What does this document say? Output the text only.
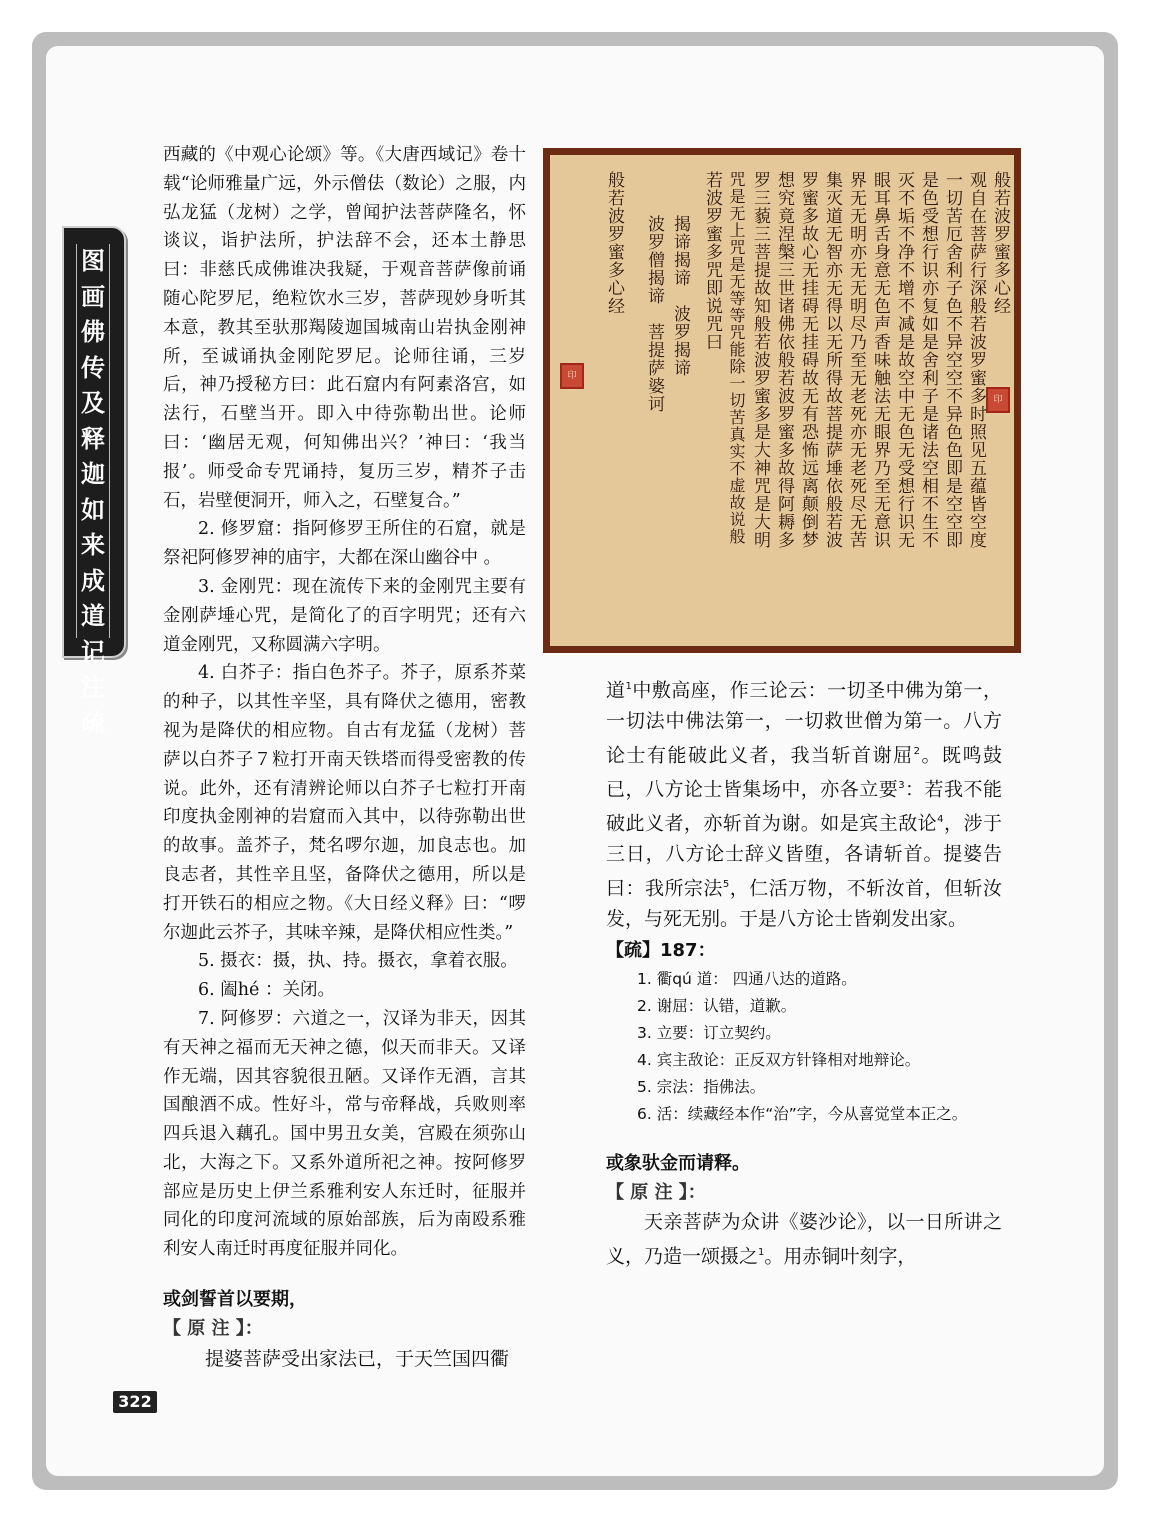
图
画
佛
传
及
释
迦
如
来
成
道
记
注
疏

西藏的《中观心论颂》等。《大唐西域记》卷十载“论师雅量广远，外示僧佉（数论）之服，内弘龙猛（龙树）之学，曾闻护法菩萨隆名，怀谈议，诣护法所，护法辞不会，还本土静思曰：非慈氏成佛谁决我疑，于观音菩萨像前诵随心陀罗尼，绝粒饮水三岁，菩萨现妙身听其本意，教其至驮那羯陵迦国城南山岩执金刚神所，至诚诵执金刚陀罗尼。论师往诵，三岁后，神乃授秘方曰：此石窟内有阿素洛宫，如法行，石壁当开。即入中待弥勒出世。论师曰：‘幽居无观，何知佛出兴？’神曰：‘我当报’。师受命专咒诵持，复历三岁，精芥子击石，岩壁便洞开，师入之，石壁复合。”

2. 修罗窟：指阿修罗王所住的石窟，就是祭祀阿修罗神的庙宇，大都在深山幽谷中 。

3. 金刚咒：现在流传下来的金刚咒主要有金刚萨埵心咒，是简化了的百字明咒；还有六道金刚咒，又称圆满六字明。

4. 白芥子：指白色芥子。芥子，原系芥菜的种子，以其性辛坚，具有降伏之德用，密教视为是降伏的相应物。自古有龙猛（龙树）菩萨以白芥子７粒打开南天铁塔而得受密教的传说。此外，还有清辨论师以白芥子七粒打开南印度执金刚神的岩窟而入其中，以待弥勒出世的故事。盖芥子，梵名啰尔迦，加良志也。加良志者，其性辛且坚，备降伏之德用，所以是打开铁石的相应之物。《大日经义释》曰：“啰尔迦此云芥子，其味辛辣，是降伏相应性类。”

5. 摄衣：摄，执、持。摄衣，拿着衣服。

6. 阖hé ：关闭。

7. 阿修罗：六道之一，汉译为非天，因其有天神之福而无天神之德，似天而非天。又译作无端，因其容貌很丑陋。又译作无酒，言其国酿酒不成。性好斗，常与帝释战，兵败则率四兵退入藕孔。国中男丑女美，宫殿在须弥山北，大海之下。又系外道所祀之神。按阿修罗部应是历史上伊兰系雅利安人东迁时，征服并同化的印度河流域的原始部族，后为南殴系雅利安人南迁时再度征服并同化。

或剑誓首以要期，

【 原 注 】：

提婆菩萨受出家法已，于天竺国四衢

般若波罗蜜多心经
观自在菩萨行深般若波罗蜜多时照见五蕴皆空度
一切苦厄舍利子色不异空空不异色色即是空空即
是色受想行识亦复如是舍利子是诸法空相不生不
灭不垢不净不增不减是故空中无色无受想行识无
眼耳鼻舌身意无色声香味触法无眼界乃至无意识
界无无明亦无无明尽乃至无老死亦无老死尽无苦
集灭道无智亦无得以无所得故菩提萨埵依般若波
罗蜜多故心无挂碍无挂碍故无有恐怖远离颠倒梦
想究竟涅槃三世诸佛依般若波罗蜜多故得阿耨多
罗三藐三菩提故知般若波罗蜜多是大神咒是大明
咒是无上咒是无等等咒能除一切苦真实不虚故说般
若波罗蜜多咒即说咒曰
揭谛揭谛　波罗揭谛
波罗僧揭谛　菩提萨婆诃
般若波罗蜜多心经
印
印

道$^1$中敷高座，作三论云：一切圣中佛为第一，一切法中佛法第一，一切救世僧为第一。八方论士有能破此义者，我当斩首谢屈$^2$。既鸣鼓已，八方论士皆集场中，亦各立要$^3$：若我不能破此义者，亦斩首为谢。如是宾主敌论$^4$，涉于三日，八方论士辞义皆堕，各请斩首。提婆告曰：我所宗法$^5$，仁活万物，不斩汝首，但斩汝发，与死无别。于是八方论士皆剃发出家。

【疏】187：

1. 衢qú 道： 四通八达的道路。

2. 谢屈：认错，道歉。

3. 立要：订立契约。

4. 宾主敌论：正反双方针锋相对地辩论。

5. 宗法：指佛法。

6. 活：续藏经本作“治”字，今从喜觉堂本正之。

或象驮金而请释。

【 原 注 】：

天亲菩萨为众讲《婆沙论》，以一日所讲之义，乃造一颂摄之$^1$。用赤铜叶刻字，

322
